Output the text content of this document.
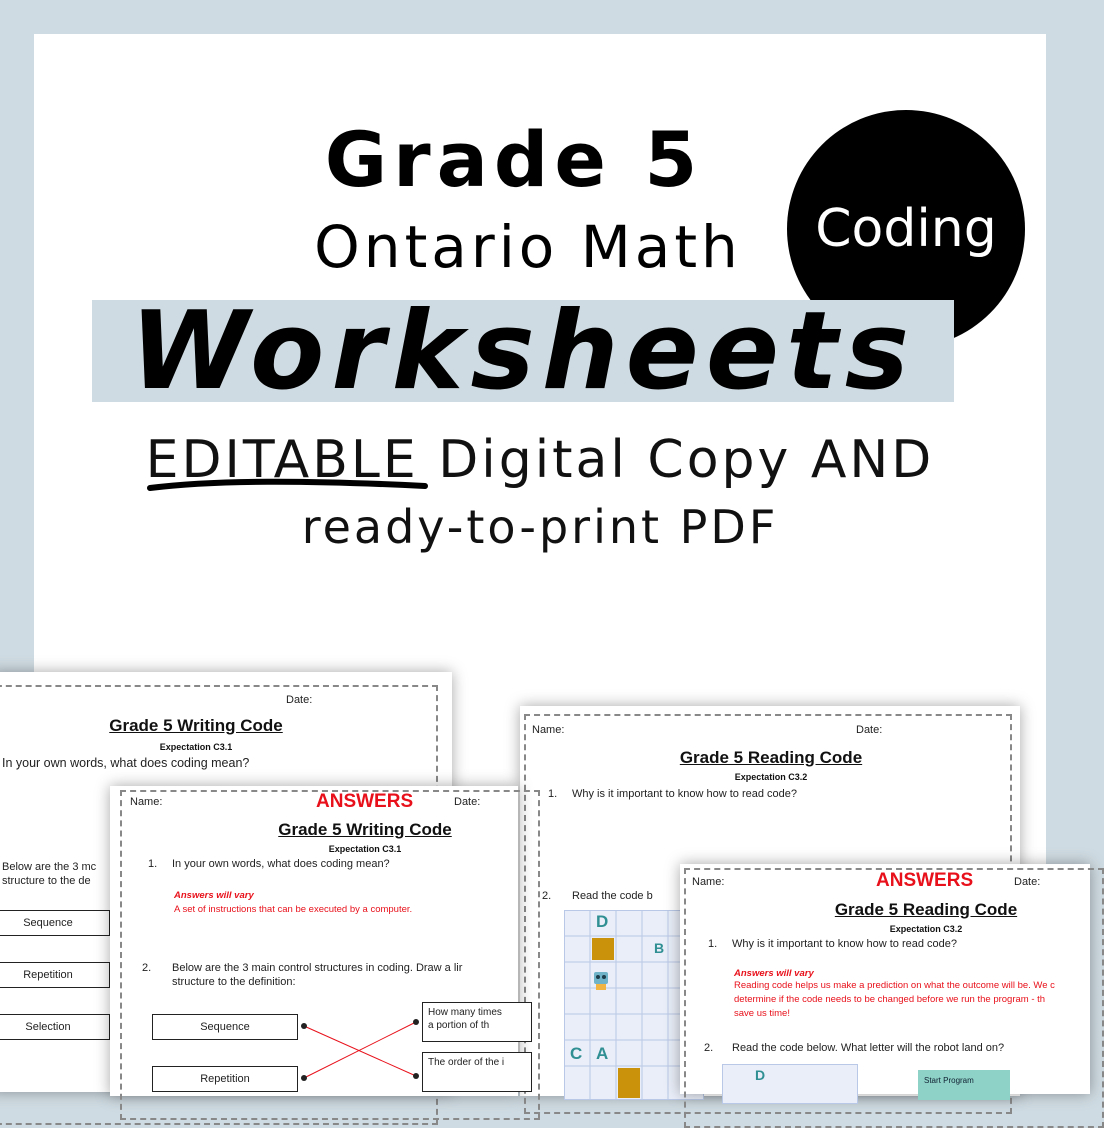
Grade 5
Ontario Math	Coding
Worksheets
EDITABLE Digital Copy AND
ready-to-print PDF
Date:
Grade 5 Writing Code
Expectation C3.1
In your own words, what does coding mean?
Below are the 3 mc
structure to the de
Sequence
Repetition
Selection
Name:	Date:
Grade 5 Reading Code
Expectation C3.2
1. Why is it important to know how to read code?
2. Read the code b
D
B
C A
Name:	ANSWERS	Date:
Grade 5 Writing Code
Expectation C3.1
1. In your own words, what does coding mean?
Answers will vary
A set of instructions that can be executed by a computer.
2. Below are the 3 main control structures in coding. Draw a lir
structure to the definition:
Sequence
Repetition
How many times
a portion of th
The order of the i
Name:	ANSWERS	Date:
Grade 5 Reading Code
Expectation C3.2
1. Why is it important to know how to read code?
Answers will vary
Reading code helps us make a prediction on what the outcome will be. We c
determine if the code needs to be changed before we run the program - th
save us time!
2. Read the code below. What letter will the robot land on?
D	Start Program
